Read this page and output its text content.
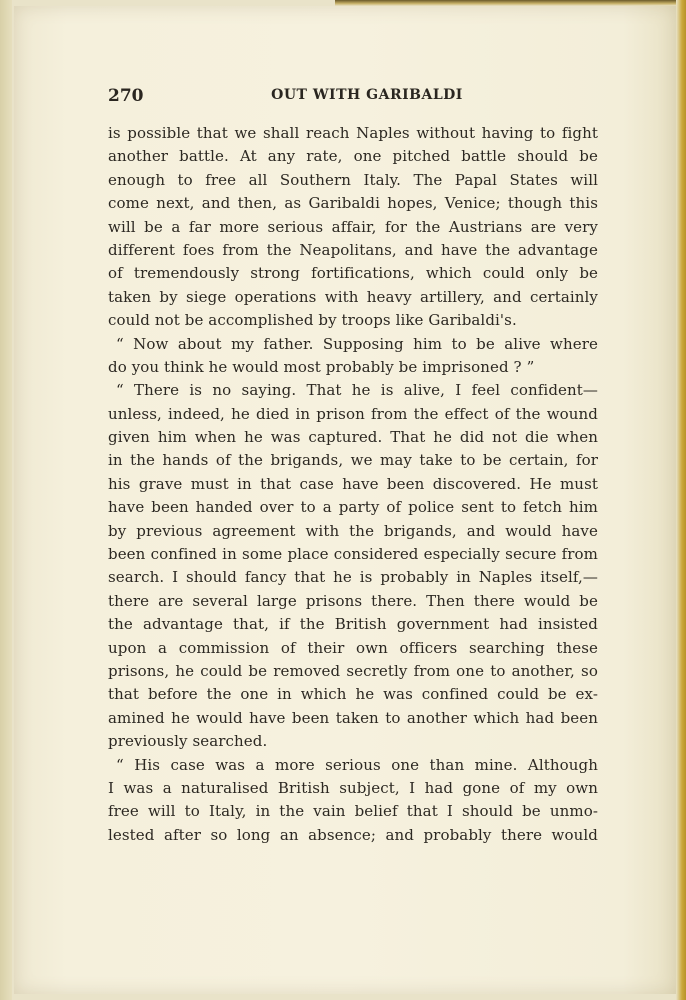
270	OUT WITH GARIBALDI
is possible that we shall reach Naples without having to fight
another battle. At any rate, one pitched battle should be
enough to free all Southern Italy. The Papal States will
come next, and then, as Garibaldi hopes, Venice; though this
will be a far more serious affair, for the Austrians are very
different foes from the Neapolitans, and have the advantage
of tremendously strong fortifications, which could only be
taken by siege operations with heavy artillery, and certainly
could not be accomplished by troops like Garibaldi's.
“ Now about my father. Supposing him to be alive where
do you think he would most probably be imprisoned ? ”
“ There is no saying. That he is alive, I feel confident—
unless, indeed, he died in prison from the effect of the wound
given him when he was captured. That he did not die when
in the hands of the brigands, we may take to be certain, for
his grave must in that case have been discovered. He must
have been handed over to a party of police sent to fetch him
by previous agreement with the brigands, and would have
been confined in some place considered especially secure from
search. I should fancy that he is probably in Naples itself,—
there are several large prisons there. Then there would be
the advantage that, if the British government had insisted
upon a commission of their own officers searching these
prisons, he could be removed secretly from one to another, so
that before the one in which he was confined could be ex-
amined he would have been taken to another which had been
previously searched.
“ His case was a more serious one than mine. Although
I was a naturalised British subject, I had gone of my own
free will to Italy, in the vain belief that I should be unmo-
lested after so long an absence; and probably there would
